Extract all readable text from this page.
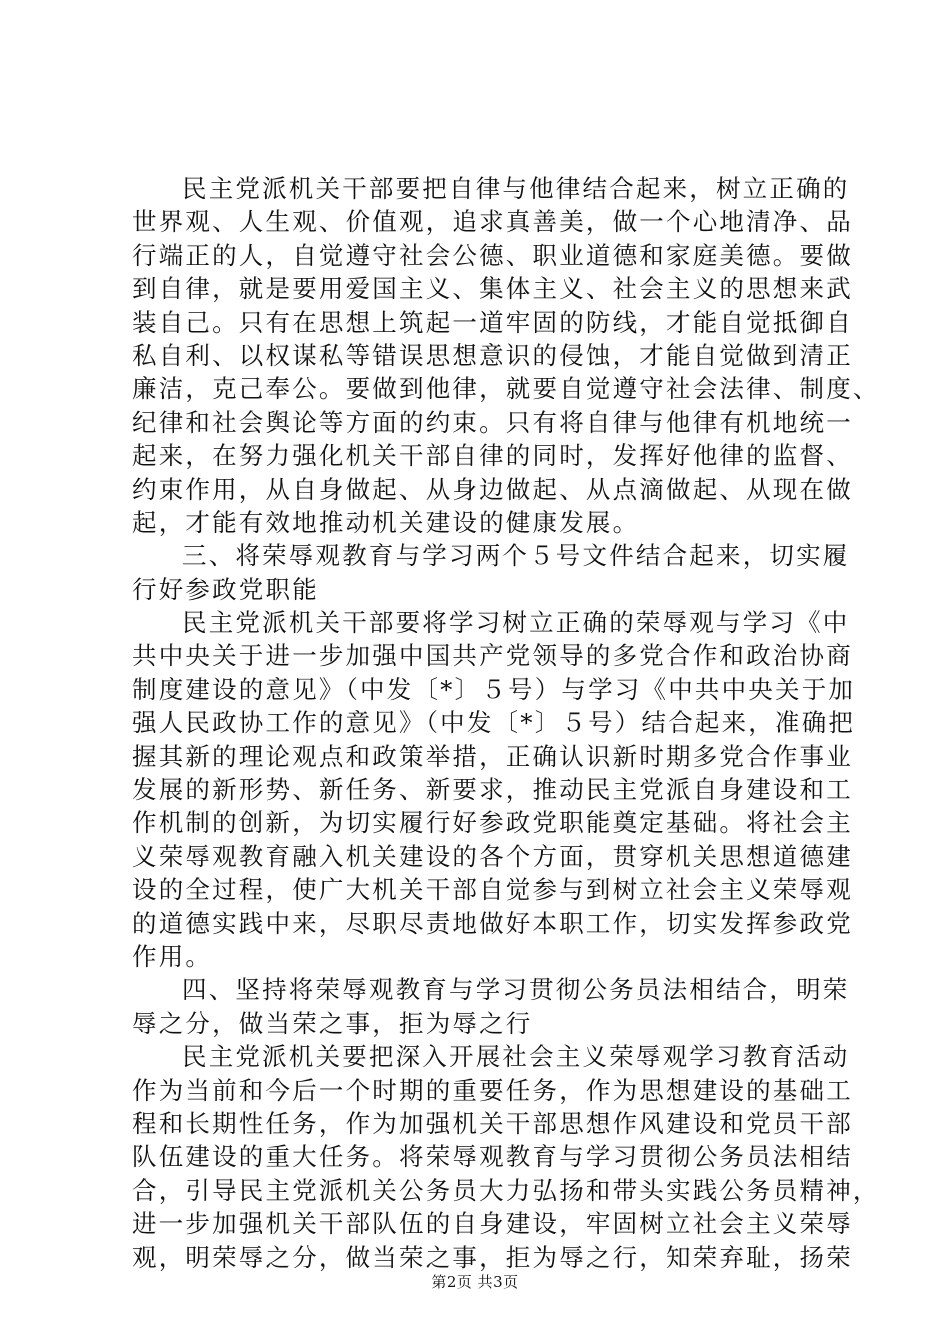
民主党派机关干部要把自律与他律结合起来，树立正确的
世界观、人生观、价值观，追求真善美，做一个心地清净、品
行端正的人，自觉遵守社会公德、职业道德和家庭美德。要做
到自律，就是要用爱国主义、集体主义、社会主义的思想来武
装自己。只有在思想上筑起一道牢固的防线，才能自觉抵御自
私自利、以权谋私等错误思想意识的侵蚀，才能自觉做到清正
廉洁，克己奉公。要做到他律，就要自觉遵守社会法律、制度、
纪律和社会舆论等方面的约束。只有将自律与他律有机地统一
起来，在努力强化机关干部自律的同时，发挥好他律的监督、
约束作用，从自身做起、从身边做起、从点滴做起、从现在做
起，才能有效地推动机关建设的健康发展。
三、将荣辱观教育与学习两个５号文件结合起来，切实履
行好参政党职能
民主党派机关干部要将学习树立正确的荣辱观与学习《中
共中央关于进一步加强中国共产党领导的多党合作和政治协商
制度建设的意见》（中发〔*〕５号）与学习《中共中央关于加
强人民政协工作的意见》（中发〔*〕５号）结合起来，准确把
握其新的理论观点和政策举措，正确认识新时期多党合作事业
发展的新形势、新任务、新要求，推动民主党派自身建设和工
作机制的创新，为切实履行好参政党职能奠定基础。将社会主
义荣辱观教育融入机关建设的各个方面，贯穿机关思想道德建
设的全过程，使广大机关干部自觉参与到树立社会主义荣辱观
的道德实践中来，尽职尽责地做好本职工作，切实发挥参政党
作用。
四、坚持将荣辱观教育与学习贯彻公务员法相结合，明荣
辱之分，做当荣之事，拒为辱之行
民主党派机关要把深入开展社会主义荣辱观学习教育活动
作为当前和今后一个时期的重要任务，作为思想建设的基础工
程和长期性任务，作为加强机关干部思想作风建设和党员干部
队伍建设的重大任务。将荣辱观教育与学习贯彻公务员法相结
合，引导民主党派机关公务员大力弘扬和带头实践公务员精神，
进一步加强机关干部队伍的自身建设，牢固树立社会主义荣辱
观，明荣辱之分，做当荣之事，拒为辱之行，知荣弃耻，扬荣
第2页 共3页
